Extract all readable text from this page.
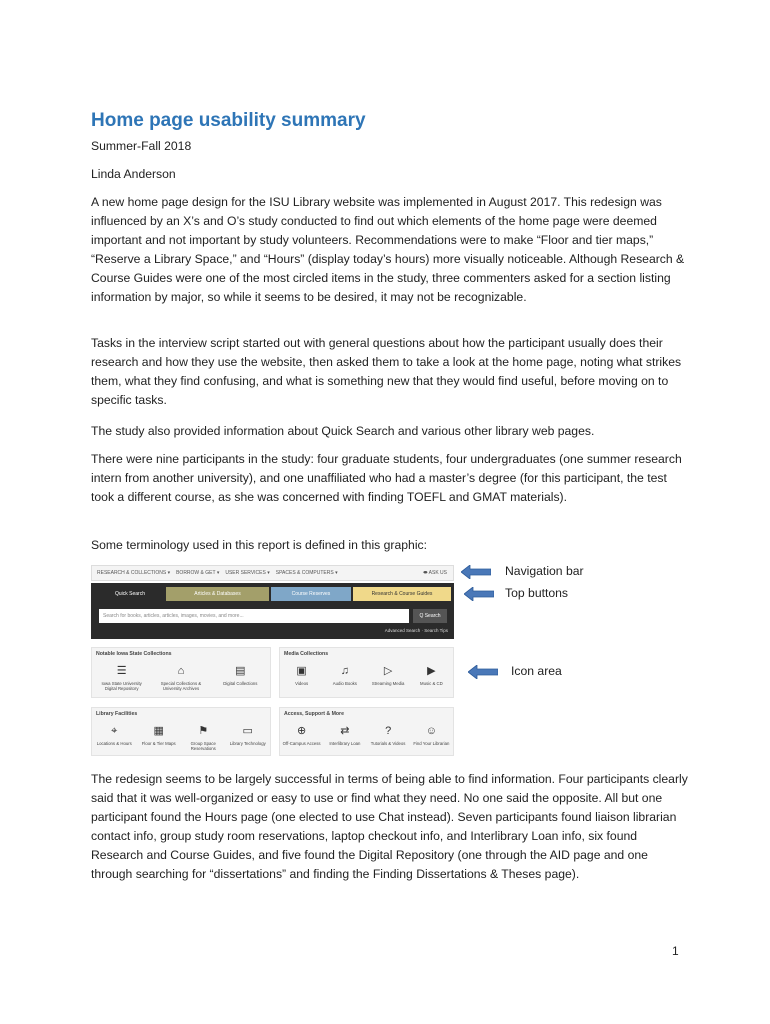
Home page usability summary

Summer-Fall 2018

Linda Anderson

A new home page design for the ISU Library website was implemented in August 2017. This redesign was influenced by an X’s and O’s study conducted to find out which elements of the home page were deemed important and not important by study volunteers. Recommendations were to make “Floor and tier maps,” “Reserve a Library Space,” and “Hours” (display today’s hours) more visually noticeable. Although Research & Course Guides were one of the most circled items in the study, three commenters asked for a section listing information by major, so while it seems to be desired, it may not be recognizable.

Tasks in the interview script started out with general questions about how the participant usually does their research and how they use the website, then asked them to take a look at the home page, noting what strikes them, what they find confusing, and what is something new that they would find useful, before moving on to specific tasks.

The study also provided information about Quick Search and various other library web pages.

There were nine participants in the study: four graduate students, four undergraduates (one summer research intern from another university), and one unaffiliated who had a master’s degree (for this participant, the test took a different course, as she was concerned with finding TOEFL and GMAT materials).

Some terminology used in this report is defined in this graphic:

RESEARCH & COLLECTIONS ▾ BORROW & GET ▾ USER SERVICES ▾ SPACES & COMPUTERS ▾	⬬ ASK US
Quick Search	Articles & Databases	Course Reserves	Research & Course Guides
Search for books, articles, articles, images, movies, and more...	Q Search
Advanced Search · Search Tips
Notable Iowa State Collections
☰
Iowa State University Digital Repository
⌂
Special Collections & University Archives
▤
Digital Collections
Media Collections
▣
Videos
♫
Audio Books
▷
Streaming Media
▶
Music & CD
Library Facilities
⌖
Locations & Hours
▦
Floor & Tier Maps
⚑
Group Space Reservations
▭
Library Technology
Access, Support & More
⊕
Off-Campus Access
⇄
Interlibrary Loan
?
Tutorials & Videos
☺
Find Your Librarian
Navigation bar
Top buttons
Icon area

The redesign seems to be largely successful in terms of being able to find information. Four participants clearly said that it was well-organized or easy to use or find what they need. No one said the opposite. All but one participant found the Hours page (one elected to use Chat instead). Seven participants found liaison librarian contact info, group study room reservations, laptop checkout info, and Interlibrary Loan info, six found Research and Course Guides, and five found the Digital Repository (one through the AID page and one through searching for “dissertations” and finding the Finding Dissertations & Theses page).

1
